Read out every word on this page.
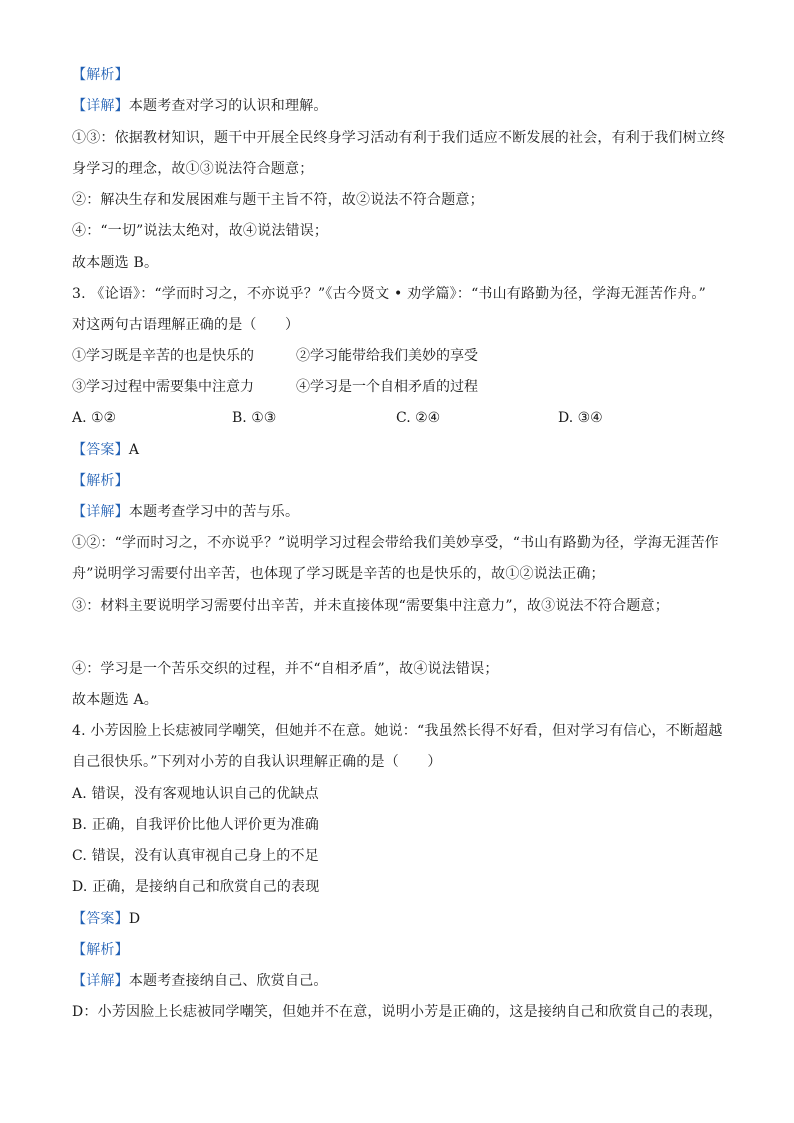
【解析】
【详解】本题考查对学习的认识和理解。
①③：依据教材知识，题干中开展全民终身学习活动有利于我们适应不断发展的社会，有利于我们树立终
身学习的理念，故①③说法符合题意；
②：解决生存和发展困难与题干主旨不符，故②说法不符合题意；
④：“一切”说法太绝对，故④说法错误；
故本题选 B。
3. 《论语》：“学而时习之，不亦说乎？”《古今贤文 • 劝学篇》：“书山有路勤为径，学海无涯苦作舟。”
对这两句古语理解正确的是（　　）
①学习既是辛苦的也是快乐的	②学习能带给我们美妙的享受
③学习过程中需要集中注意力	④学习是一个自相矛盾的过程
A. ①②	B. ①③	C. ②④	D. ③④
【答案】A
【解析】
【详解】本题考查学习中的苦与乐。
①②：“学而时习之，不亦说乎？”说明学习过程会带给我们美妙享受，“书山有路勤为径，学海无涯苦作
舟”说明学习需要付出辛苦，也体现了学习既是辛苦的也是快乐的，故①②说法正确；
③：材料主要说明学习需要付出辛苦，并未直接体现“需要集中注意力”，故③说法不符合题意；
④：学习是一个苦乐交织的过程，并不“自相矛盾”，故④说法错误；
故本题选 A。
4. 小芳因脸上长痣被同学嘲笑，但她并不在意。她说：“我虽然长得不好看，但对学习有信心，不断超越
自己很快乐。”下列对小芳的自我认识理解正确的是（　　）
A. 错误，没有客观地认识自己的优缺点
B. 正确，自我评价比他人评价更为准确
C. 错误，没有认真审视自己身上的不足
D. 正确，是接纳自己和欣赏自己的表现
【答案】D
【解析】
【详解】本题考查接纳自己、欣赏自己。
D：小芳因脸上长痣被同学嘲笑，但她并不在意，说明小芳是正确的，这是接纳自己和欣赏自己的表现，
